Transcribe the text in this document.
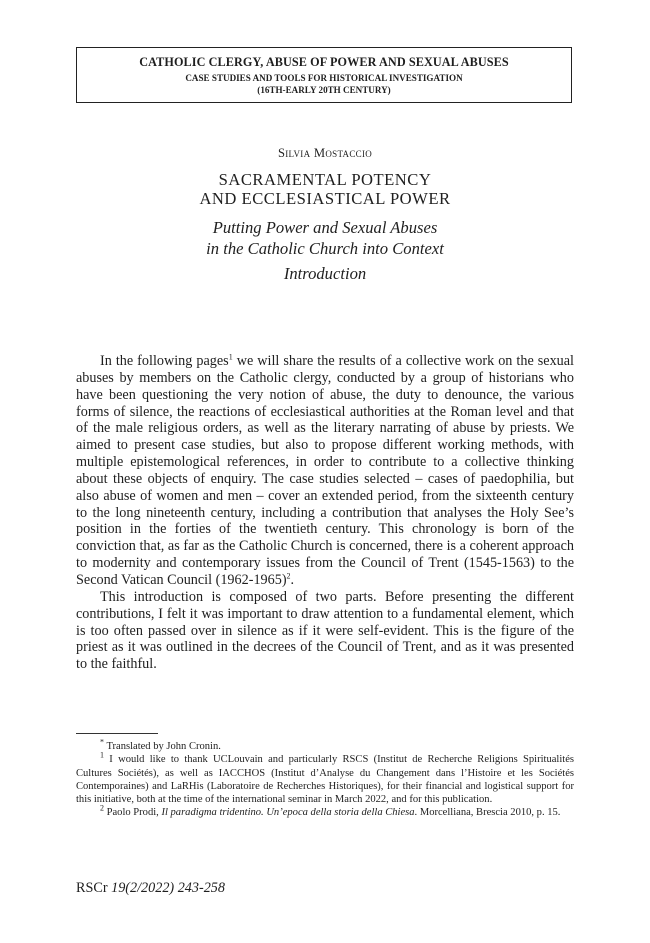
CATHOLIC CLERGY, ABUSE OF POWER AND SEXUAL ABUSES
CASE STUDIES AND TOOLS FOR HISTORICAL INVESTIGATION
(16TH-EARLY 20TH CENTURY)
Silvia Mostaccio
SACRAMENTAL POTENCY
AND ECCLESIASTICAL POWER
Putting Power and Sexual Abuses
in the Catholic Church into Context
Introduction

In the following pages$^1$ we will share the results of a collective work on the sexual abuses by members on the Catholic clergy, conducted by a group of historians who have been questioning the very notion of abuse, the duty to denounce, the various forms of silence, the reactions of ecclesiastical authorities at the Roman level and that of the male religious orders, as well as the literary narrating of abuse by priests. We aimed to present case studies, but also to propose different working methods, with multiple epistemological references, in order to contribute to a collective thinking about these objects of enquiry. The case studies selected – cases of paedophilia, but also abuse of women and men – cover an extended period, from the sixteenth century to the long nineteenth century, including a contribution that analyses the Holy See’s position in the forties of the twentieth century. This chronology is born of the conviction that, as far as the Catholic Church is concerned, there is a coherent approach to modernity and contemporary issues from the Council of Trent (1545-1563) to the Second Vatican Council (1962-1965)$^2$.

This introduction is composed of two parts. Before presenting the different contributions, I felt it was important to draw attention to a fundamental element, which is too often passed over in silence as if it were self-evident. This is the figure of the priest as it was outlined in the decrees of the Council of Trent, and as it was presented to the faithful.

* Translated by John Cronin.

$^1$ I would like to thank UCLouvain and particularly RSCS (Institut de Recherche Religions Spiritualités Cultures Sociétés), as well as IACCHOS (Institut d’Analyse du Changement dans l’Histoire et les Sociétés Contemporaines) and LaRHis (Laboratoire de Recherches Historiques), for their financial and logistical support for this initiative, both at the time of the international seminar in March 2022, and for this publication.

$^2$ Paolo Prodi, Il paradigma tridentino. Un’epoca della storia della Chiesa. Morcelliana, Brescia 2010, p. 15.

RSCr 19(2/2022) 243-258
